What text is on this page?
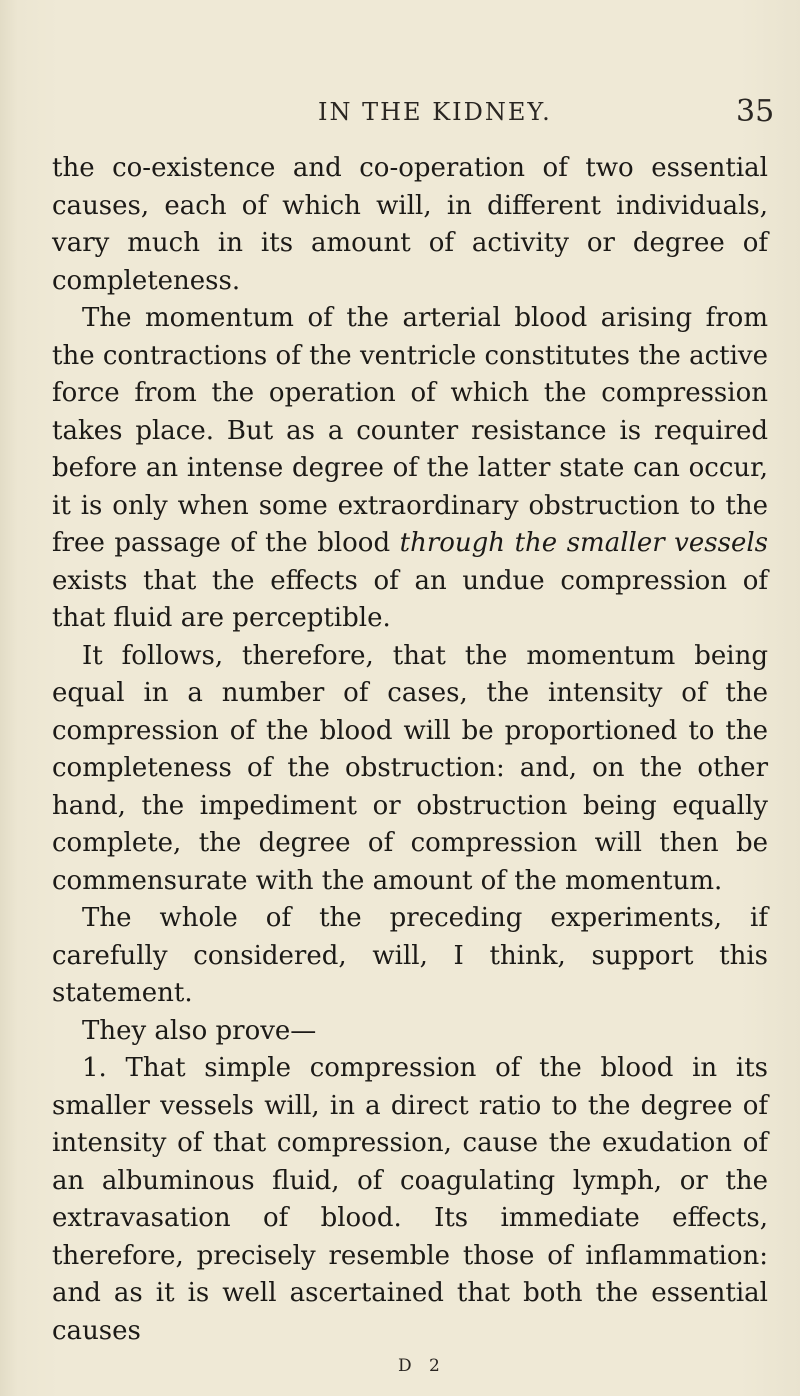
IN THE KIDNEY.	35

the co-existence and co-operation of two essential causes, each of which will, in different individuals, vary much in its amount of activity or degree of completeness.

The momentum of the arterial blood arising from the contractions of the ventricle constitutes the active force from the operation of which the compression takes place. But as a counter resistance is required before an intense degree of the latter state can occur, it is only when some extraordinary obstruction to the free passage of the blood through the smaller vessels exists that the effects of an undue compression of that fluid are perceptible.

It follows, therefore, that the momentum being equal in a number of cases, the intensity of the compression of the blood will be proportioned to the completeness of the obstruction: and, on the other hand, the impediment or obstruction being equally complete, the degree of compression will then be commensurate with the amount of the momentum.

The whole of the preceding experiments, if carefully considered, will, I think, support this statement.

They also prove—

1. That simple compression of the blood in its smaller vessels will, in a direct ratio to the degree of intensity of that compression, cause the exudation of an albuminous fluid, of coagulating lymph, or the extravasation of blood. Its immediate effects, therefore, precisely resemble those of inflammation: and as it is well ascertained that both the essential causes

D 2
